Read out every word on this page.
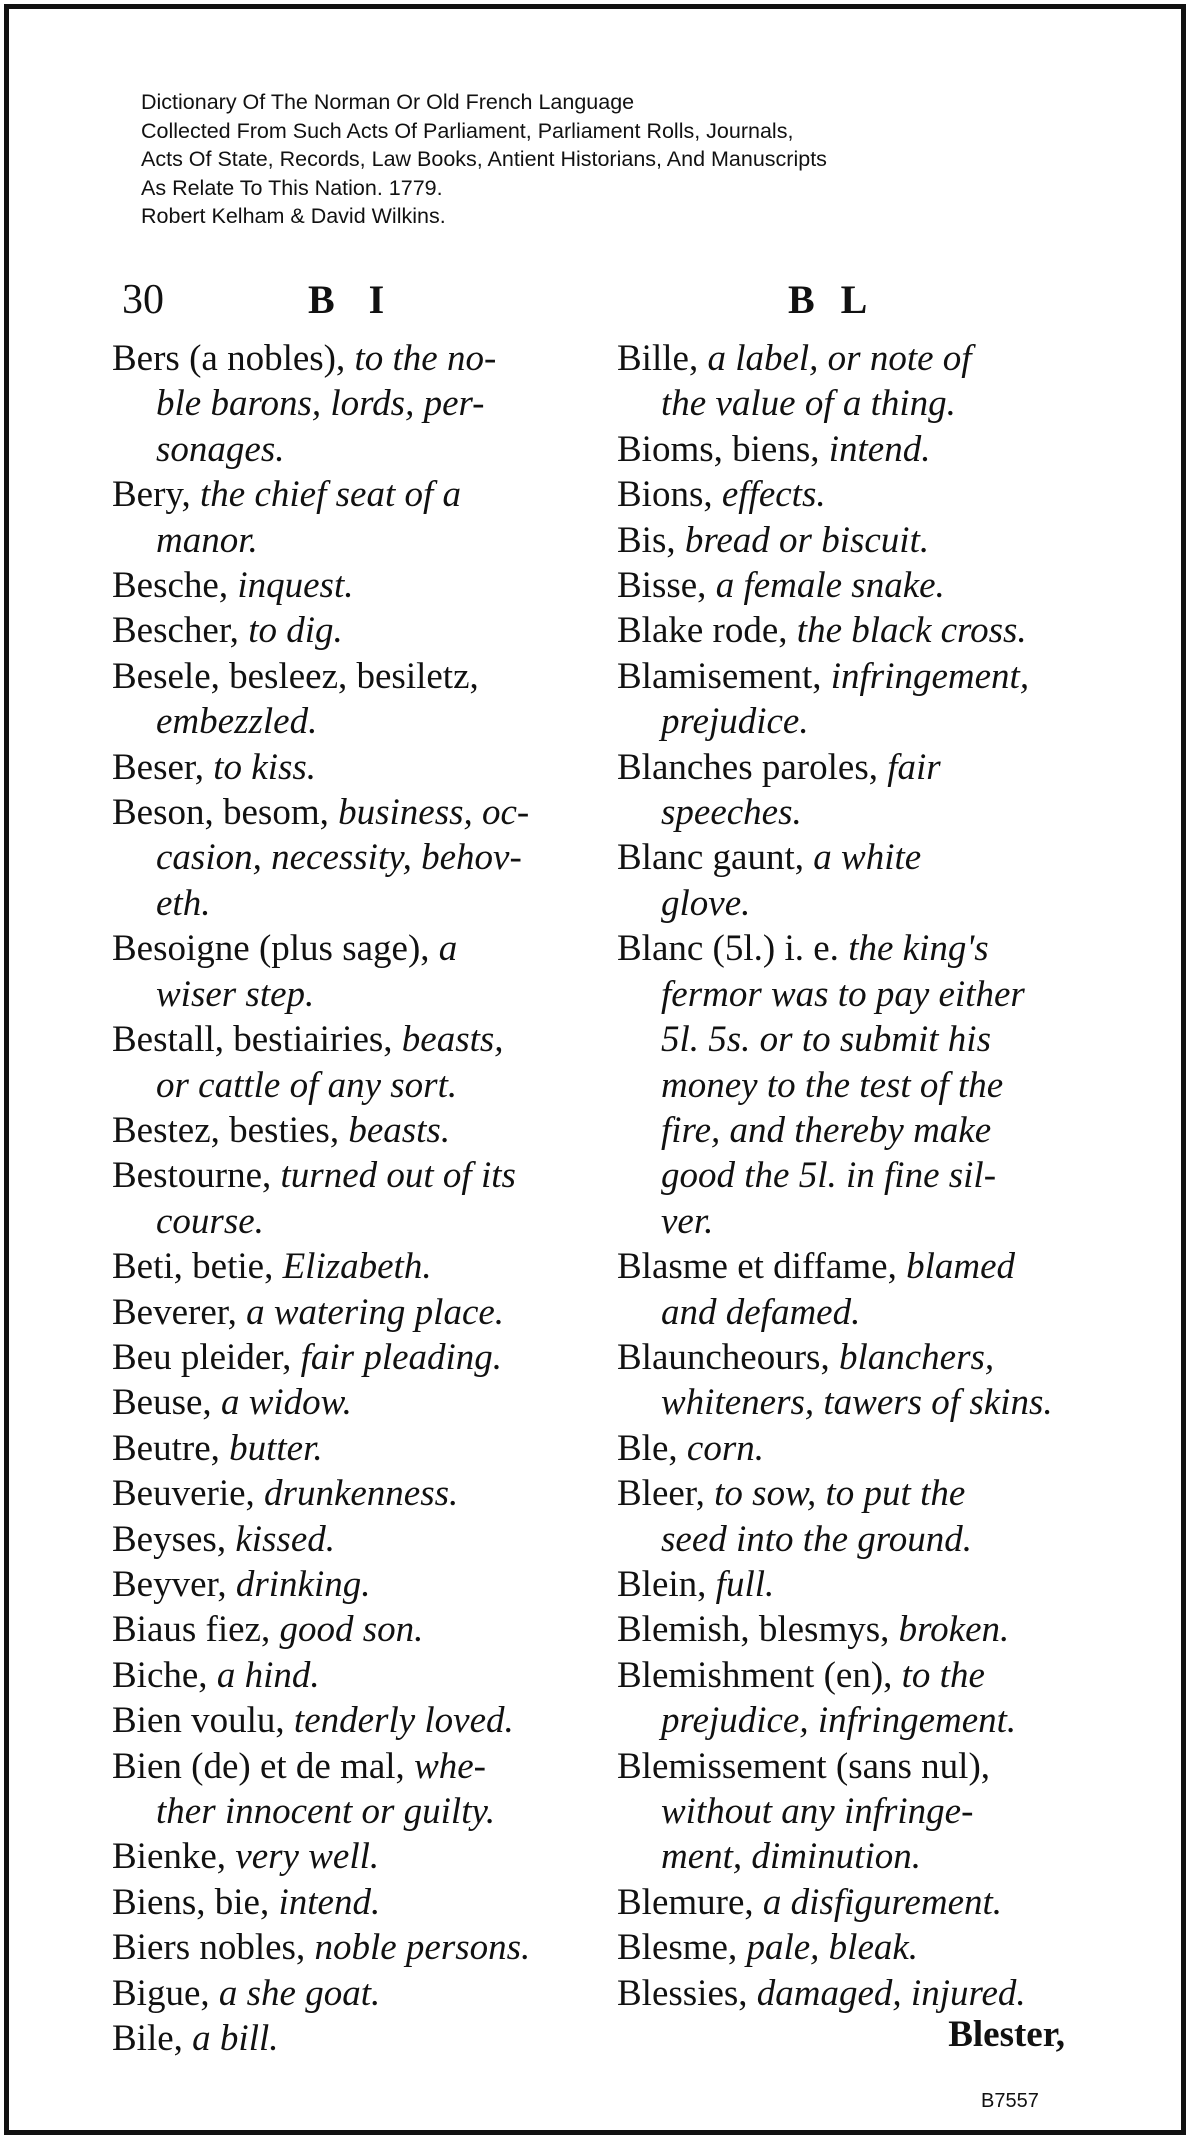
Dictionary Of The Norman Or Old French Language
Collected From Such Acts Of Parliament, Parliament Rolls, Journals,
Acts Of State, Records, Law Books, Antient Historians, And Manuscripts
As Relate To This Nation. 1779.
Robert Kelham & David Wilkins.
30	B I	B L
Bers (a nobles), to the no-
ble barons, lords, per-
sonages.
Bery, the chief seat of a
manor.
Besche, inquest.
Bescher, to dig.
Besele, besleez, besiletz,
embezzled.
Beser, to kiss.
Beson, besom, business, oc-
casion, necessity, behov-
eth.
Besoigne (plus sage), a
wiser step.
Bestall, bestiairies, beasts,
or cattle of any sort.
Bestez, besties, beasts.
Bestourne, turned out of its
course.
Beti, betie, Elizabeth.
Beverer, a watering place.
Beu pleider, fair pleading.
Beuse, a widow.
Beutre, butter.
Beuverie, drunkenness.
Beyses, kissed.
Beyver, drinking.
Biaus fiez, good son.
Biche, a hind.
Bien voulu, tenderly loved.
Bien (de) et de mal, whe-
ther innocent or guilty.
Bienke, very well.
Biens, bie, intend.
Biers nobles, noble persons.
Bigue, a she goat.
Bile, a bill.
Bille, a label, or note of
the value of a thing.
Bioms, biens, intend.
Bions, effects.
Bis, bread or biscuit.
Bisse, a female snake.
Blake rode, the black cross.
Blamisement, infringement,
prejudice.
Blanches paroles, fair
speeches.
Blanc gaunt, a white
glove.
Blanc (5l.) i. e. the king's
fermor was to pay either
5l. 5s. or to submit his
money to the test of the
fire, and thereby make
good the 5l. in fine sil-
ver.
Blasme et diffame, blamed
and defamed.
Blauncheours, blanchers,
whiteners, tawers of skins.
Ble, corn.
Bleer, to sow, to put the
seed into the ground.
Blein, full.
Blemish, blesmys, broken.
Blemishment (en), to the
prejudice, infringement.
Blemissement (sans nul),
without any infringe-
ment, diminution.
Blemure, a disfigurement.
Blesme, pale, bleak.
Blessies, damaged, injured.
Blester,
B7557
